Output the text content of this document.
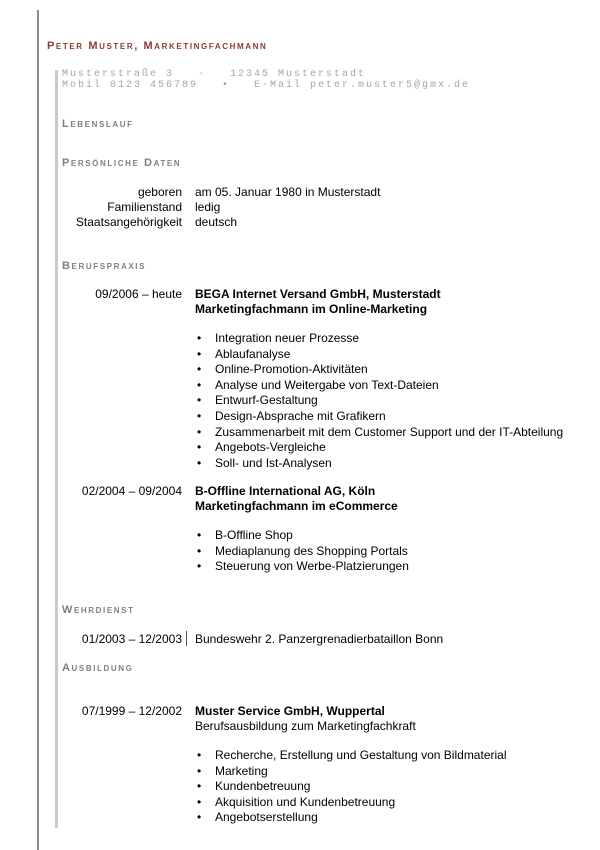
Peter Muster, Marketingfachmann
Musterstraße 3   -   12345 Musterstadt
Mobil 0123 456789   •   E-Mail peter.muster5@gmx.de
Lebenslauf
Persönliche Daten
geboren am 05. Januar 1980 in Musterstadt
Familienstand ledig
Staatsangehörigkeit deutsch
Berufspraxis
09/2006 – heute BEGA Internet Versand GmbH, Musterstadt
Marketingfachmann im Online-Marketing
• Integration neuer Prozesse
• Ablaufanalyse
• Online-Promotion-Aktivitäten
• Analyse und Weitergabe von Text-Dateien
• Entwurf-Gestaltung
• Design-Absprache mit Grafikern
• Zusammenarbeit mit dem Customer Support und der IT-Abteilung
• Angebots-Vergleiche
• Soll- und Ist-Analysen
02/2004 – 09/2004 B-Offline International AG, Köln
Marketingfachmann im eCommerce
• B-Offline Shop
• Mediaplanung des Shopping Portals
• Steuerung von Werbe-Platzierungen
Wehrdienst
01/2003 – 12/2003 Bundeswehr 2. Panzergrenadierbataillon Bonn
Ausbildung
07/1999 – 12/2002 Muster Service GmbH, Wuppertal
Berufsausbildung zum Marketingfachkraft
• Recherche, Erstellung und Gestaltung von Bildmaterial
• Marketing
• Kundenbetreuung
• Akquisition und Kundenbetreuung
• Angebotserstellung
